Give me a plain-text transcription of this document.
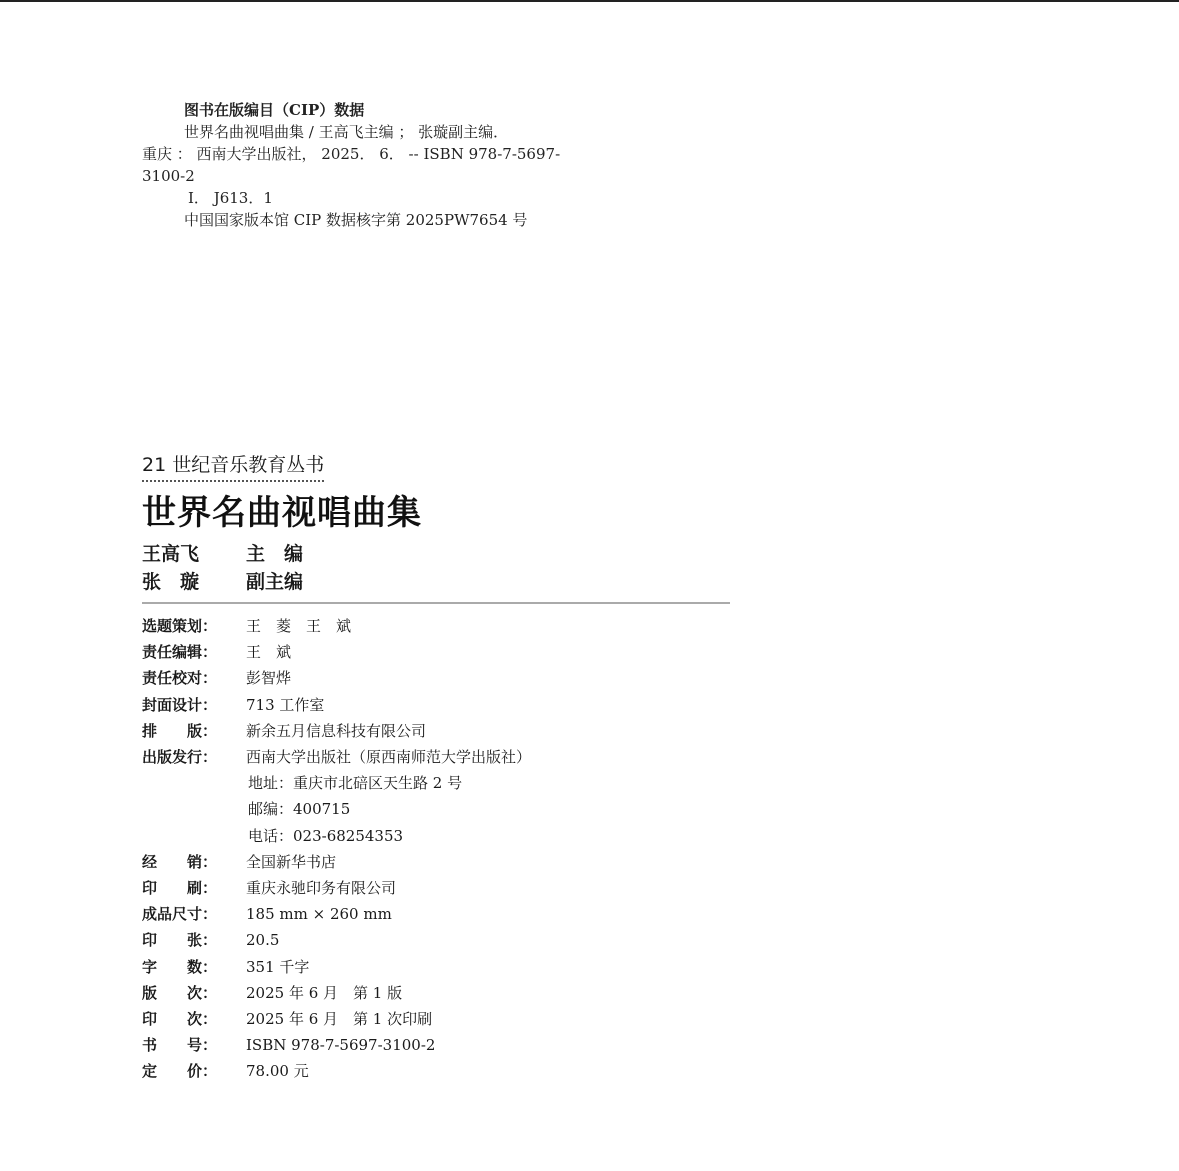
图书在版编目（CIP）数据
世界名曲视唱曲集 / 王高飞主编 ； 张璇副主编．
重庆 ： 西南大学出版社， 2025． 6． -- ISBN 978-7-5697-
3100-2
Ⅰ． J613．1
中国国家版本馆 CIP 数据核字第 2025PW7654 号
21 世纪音乐教育丛书
世界名曲视唱曲集
王高飞	主　编
张　璇	副主编
选题策划：	王　菱　王　斌
责任编辑：	王　斌
责任校对：	彭智烨
封面设计：	713 工作室
排　　版：	新余五月信息科技有限公司
出版发行：	西南大学出版社（原西南师范大学出版社）
地址：重庆市北碚区天生路 2 号
邮编：400715
电话：023-68254353
经　　销：	全国新华书店
印　　刷：	重庆永驰印务有限公司
成品尺寸：	185 mm × 260 mm
印　　张：	20.5
字　　数：	351 千字
版　　次：	2025 年 6 月　第 1 版
印　　次：	2025 年 6 月　第 1 次印刷
书　　号：	ISBN 978-7-5697-3100-2
定　　价：	78.00 元
